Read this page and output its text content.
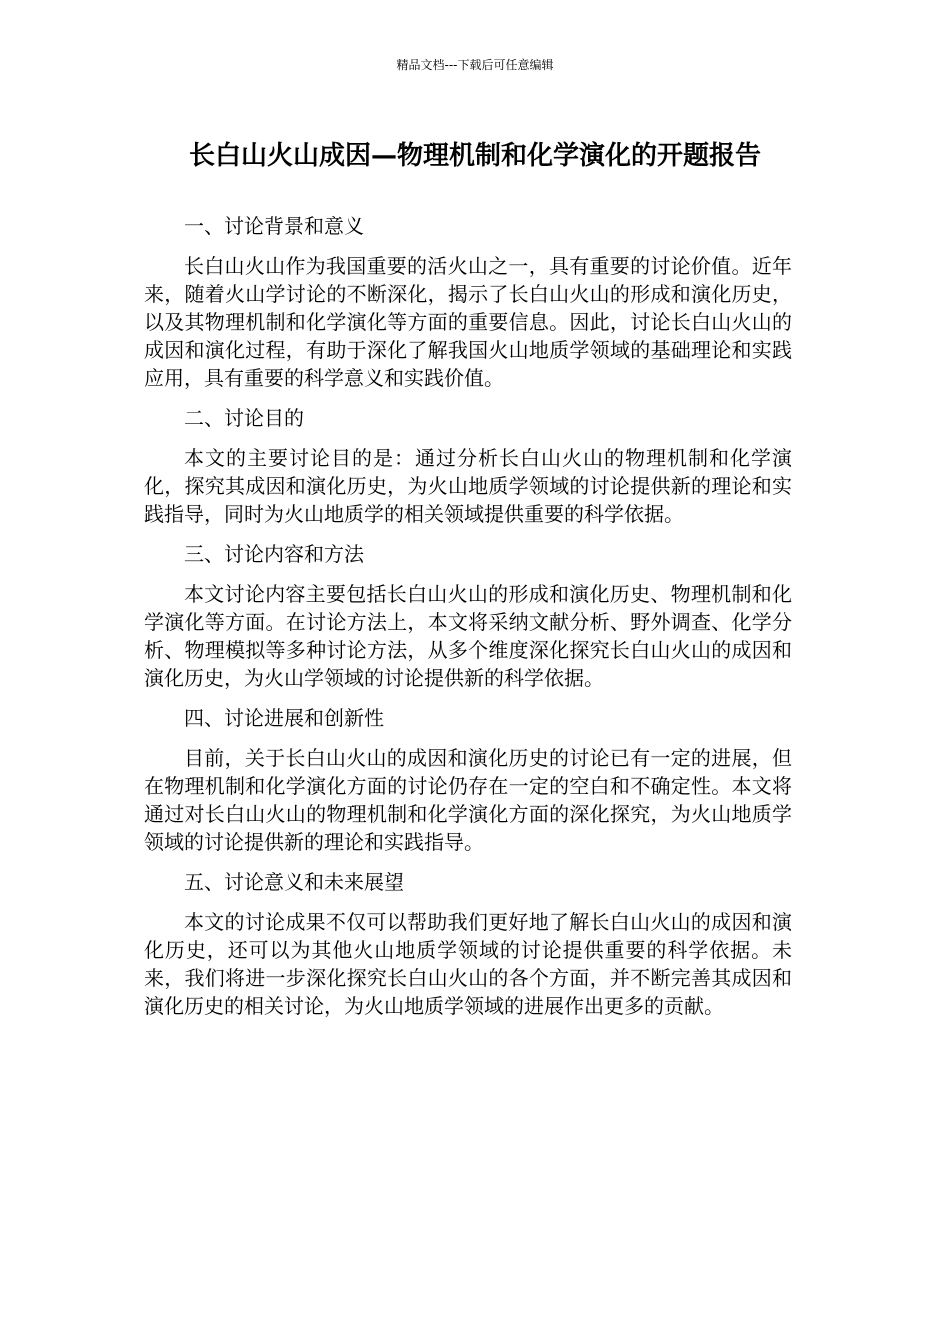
精品文档---下载后可任意编辑
长白山火山成因—物理机制和化学演化的开题报告

一、讨论背景和意义

长白山火山作为我国重要的活火山之一，具有重要的讨论价值。近年来，随着火山学讨论的不断深化，揭示了长白山火山的形成和演化历史，以及其物理机制和化学演化等方面的重要信息。因此，讨论长白山火山的成因和演化过程，有助于深化了解我国火山地质学领域的基础理论和实践应用，具有重要的科学意义和实践价值。

二、讨论目的

本文的主要讨论目的是：通过分析长白山火山的物理机制和化学演化，探究其成因和演化历史，为火山地质学领域的讨论提供新的理论和实践指导，同时为火山地质学的相关领域提供重要的科学依据。

三、讨论内容和方法

本文讨论内容主要包括长白山火山的形成和演化历史、物理机制和化学演化等方面。在讨论方法上，本文将采纳文献分析、野外调查、化学分析、物理模拟等多种讨论方法，从多个维度深化探究长白山火山的成因和演化历史，为火山学领域的讨论提供新的科学依据。

四、讨论进展和创新性

目前，关于长白山火山的成因和演化历史的讨论已有一定的进展，但在物理机制和化学演化方面的讨论仍存在一定的空白和不确定性。本文将通过对长白山火山的物理机制和化学演化方面的深化探究，为火山地质学领域的讨论提供新的理论和实践指导。

五、讨论意义和未来展望

本文的讨论成果不仅可以帮助我们更好地了解长白山火山的成因和演化历史，还可以为其他火山地质学领域的讨论提供重要的科学依据。未来，我们将进一步深化探究长白山火山的各个方面，并不断完善其成因和演化历史的相关讨论，为火山地质学领域的进展作出更多的贡献。
